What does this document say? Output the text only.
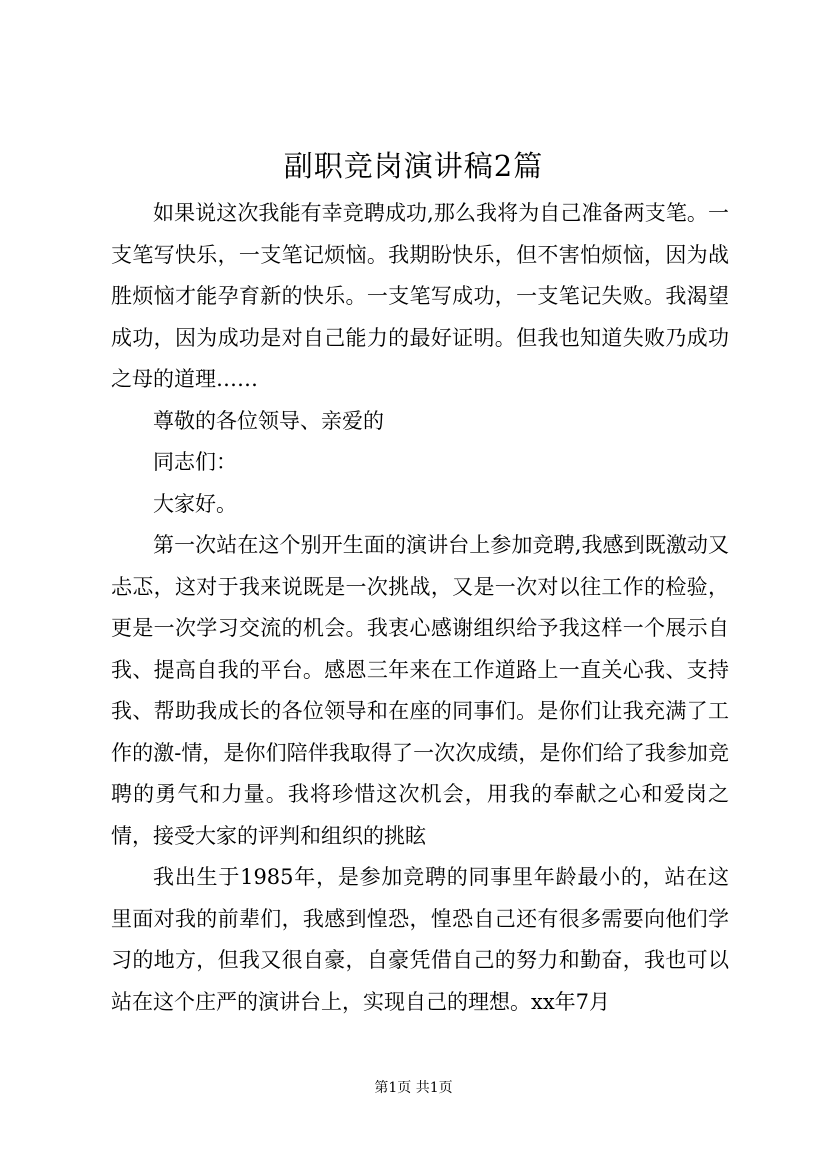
副职竞岗演讲稿2篇

如果说这次我能有幸竞聘成功,那么我将为自己准备两支笔。一支笔写快乐，一支笔记烦恼。我期盼快乐，但不害怕烦恼，因为战胜烦恼才能孕育新的快乐。一支笔写成功，一支笔记失败。我渴望成功，因为成功是对自己能力的最好证明。但我也知道失败乃成功之母的道理……

尊敬的各位领导、亲爱的

同志们：

大家好。

第一次站在这个别开生面的演讲台上参加竞聘,我感到既激动又忐忑，这对于我来说既是一次挑战，又是一次对以往工作的检验，更是一次学习交流的机会。我衷心感谢组织给予我这样一个展示自我、提高自我的平台。感恩三年来在工作道路上一直关心我、支持我、帮助我成长的各位领导和在座的同事们。是你们让我充满了工作的激-情，是你们陪伴我取得了一次次成绩，是你们给了我参加竞聘的勇气和力量。我将珍惜这次机会，用我的奉献之心和爱岗之情，接受大家的评判和组织的挑眩

我出生于1985年，是参加竞聘的同事里年龄最小的，站在这里面对我的前辈们，我感到惶恐，惶恐自己还有很多需要向他们学习的地方，但我又很自豪，自豪凭借自己的努力和勤奋，我也可以站在这个庄严的演讲台上，实现自己的理想。xx年7月

第1页 共1页
